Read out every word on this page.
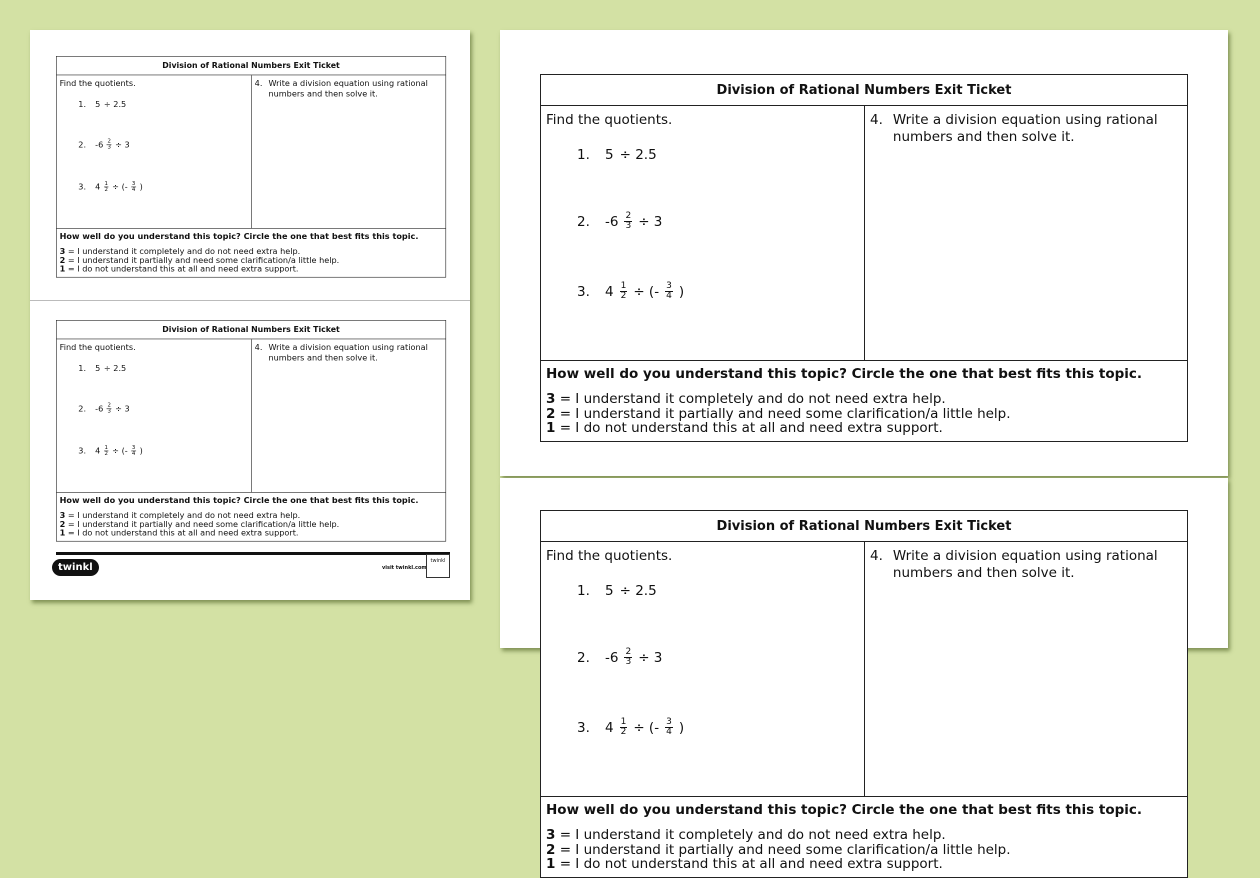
Division of Rational Numbers Exit Ticket
Find the quotients.
1. 5 ÷ 2.5
2. $-6 \frac{2}{3} \div 3$
3. $4 \frac{1}{2}$ ÷ (- $\frac{3}{4}$ )
4. Write a division equation using rational numbers and then solve it.
How well do you understand this topic? Circle the one that best fits this topic.
3 = I understand it completely and do not need extra help.
2 = I understand it partially and need some clarification/a little help.
1 = I do not understand this at all and need extra support.
Division of Rational Numbers Exit Ticket
Find the quotients.
1. 5 ÷ 2.5
2. $-6 \frac{2}{3} \div 3$
3. $4 \frac{1}{2}$ ÷ (- $\frac{3}{4}$ )
4. Write a division equation using rational numbers and then solve it.
How well do you understand this topic? Circle the one that best fits this topic.
3 = I understand it completely and do not need extra help.
2 = I understand it partially and need some clarification/a little help.
1 = I do not understand this at all and need extra support.
twinkl	visit twinkl.com
twinkl
Division of Rational Numbers Exit Ticket
Find the quotients.
1.	5 ÷ 2.5
2.	$-6 \frac{2}{3} \div 3$
3.	$4 \frac{1}{2}$ ÷ (- $\frac{3}{4}$ )
4. Write a division equation using rational numbers and then solve it.
How well do you understand this topic? Circle the one that best fits this topic.
3 = I understand it completely and do not need extra help.
2 = I understand it partially and need some clarification/a little help.
1 = I do not understand this at all and need extra support.
Division of Rational Numbers Exit Ticket
Find the quotients.
1.	5 ÷ 2.5
2.	$-6 \frac{2}{3} \div 3$
3.	$4 \frac{1}{2}$ ÷ (- $\frac{3}{4}$ )
4. Write a division equation using rational numbers and then solve it.
How well do you understand this topic? Circle the one that best fits this topic.
3 = I understand it completely and do not need extra help.
2 = I understand it partially and need some clarification/a little help.
1 = I do not understand this at all and need extra support.
